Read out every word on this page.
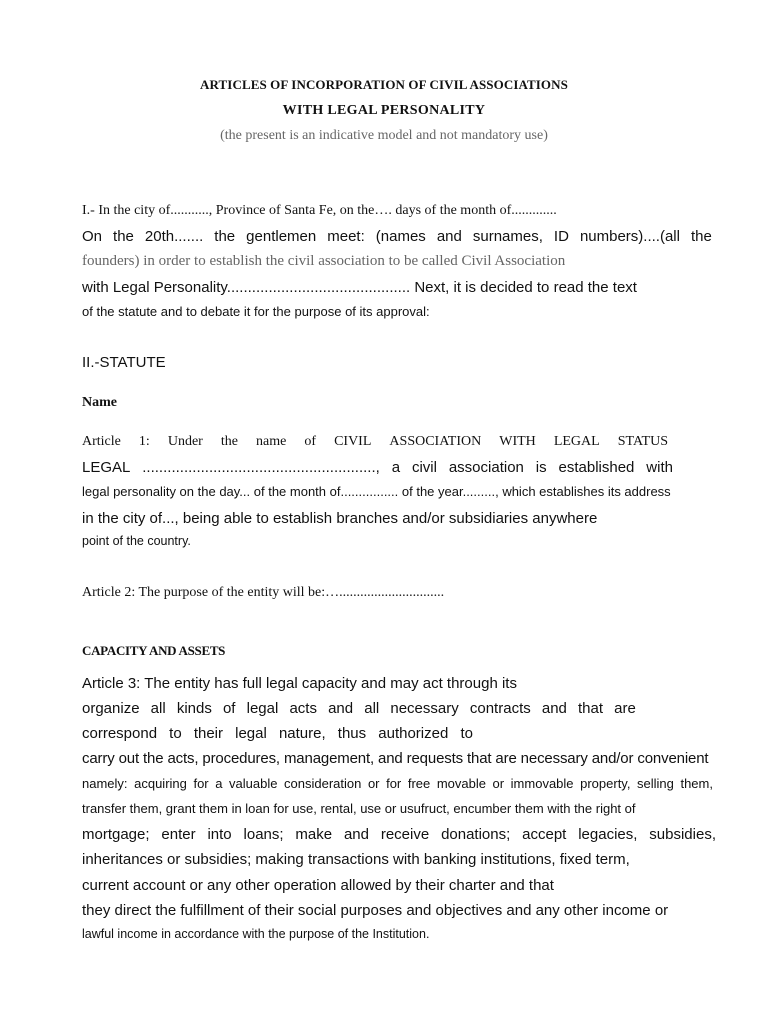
ARTICLES OF INCORPORATION OF CIVIL ASSOCIATIONS

WITH LEGAL PERSONALITY

(the present is an indicative model and not mandatory use)

I.- In the city of..........., Province of Santa Fe, on the…. days of the month of.............

On the 20th....... the gentlemen meet: (names and surnames, ID numbers)....(all the

founders) in order to establish the civil association to be called Civil Association

with Legal Personality............................................ Next, it is decided to read the text

of the statute and to debate it for the purpose of its approval:

II.-STATUTE

Name

Article 1: Under the name of CIVIL ASSOCIATION WITH LEGAL STATUS
LEGAL ........................................................, a civil association is established with

legal personality on the day... of the month of................ of the year........., which establishes its address

in the city of..., being able to establish branches and/or subsidiaries anywhere

point of the country.

Article 2: The purpose of the entity will be:…..............................

CAPACITY AND ASSETS

Article 3: The entity has full legal capacity and may act through its

organize all kinds of legal acts and all necessary contracts and that are
correspond to their legal nature, thus authorized to

carry out the acts, procedures, management, and requests that are necessary and/or convenient

namely: acquiring for a valuable consideration or for free movable or immovable property, selling them,

transfer them, grant them in loan for use, rental, use or usufruct, encumber them with the right of

mortgage; enter into loans; make and receive donations; accept legacies, subsidies,

inheritances or subsidies; making transactions with banking institutions, fixed term,

current account or any other operation allowed by their charter and that

they direct the fulfillment of their social purposes and objectives and any other income or

lawful income in accordance with the purpose of the Institution.
